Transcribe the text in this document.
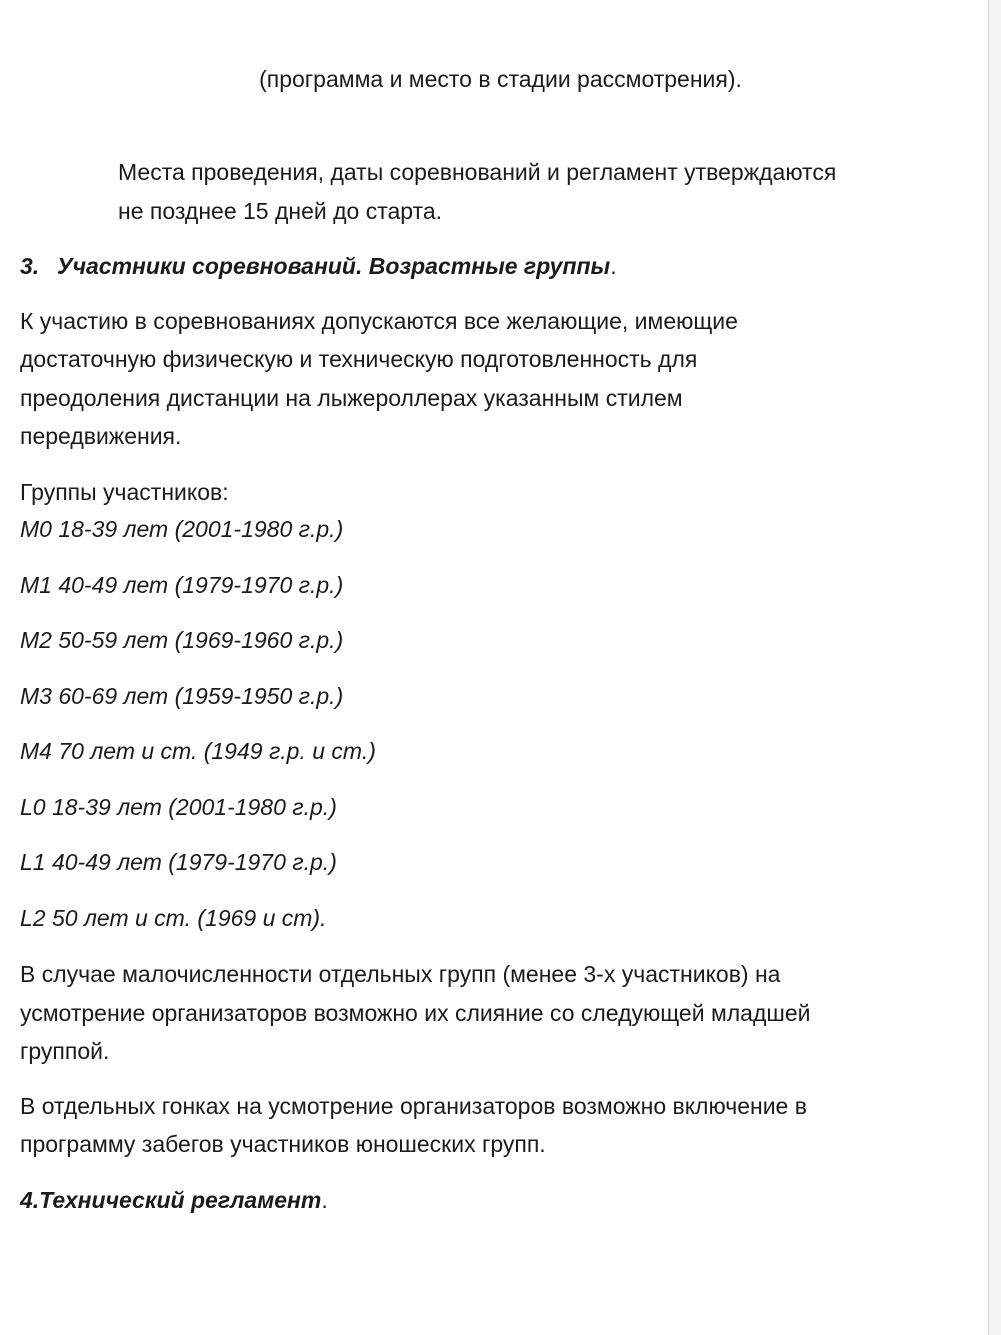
(программа и место в стадии рассмотрения).
Места проведения, даты соревнований и регламент утверждаются
не позднее 15 дней до старта.
3. Участники соревнований. Возрастные группы.
К участию в соревнованиях допускаются все желающие, имеющие
достаточную физическую и техническую подготовленность для
преодоления дистанции на лыжероллерах указанным стилем
передвижения.
Группы участников:
М0 18-39 лет (2001-1980 г.р.)
М1 40-49 лет (1979-1970 г.р.)
М2 50-59 лет (1969-1960 г.р.)
М3 60-69 лет (1959-1950 г.р.)
М4 70 лет и ст. (1949 г.р. и ст.)
L0 18-39 лет (2001-1980 г.р.)
L1 40-49 лет (1979-1970 г.р.)
L2 50 лет и ст. (1969 и ст).
В случае малочисленности отдельных групп (менее 3-х участников) на
усмотрение организаторов возможно их слияние со следующей младшей
группой.
В отдельных гонках на усмотрение организаторов возможно включение в
программу забегов участников юношеских групп.
4.Технический регламент.
